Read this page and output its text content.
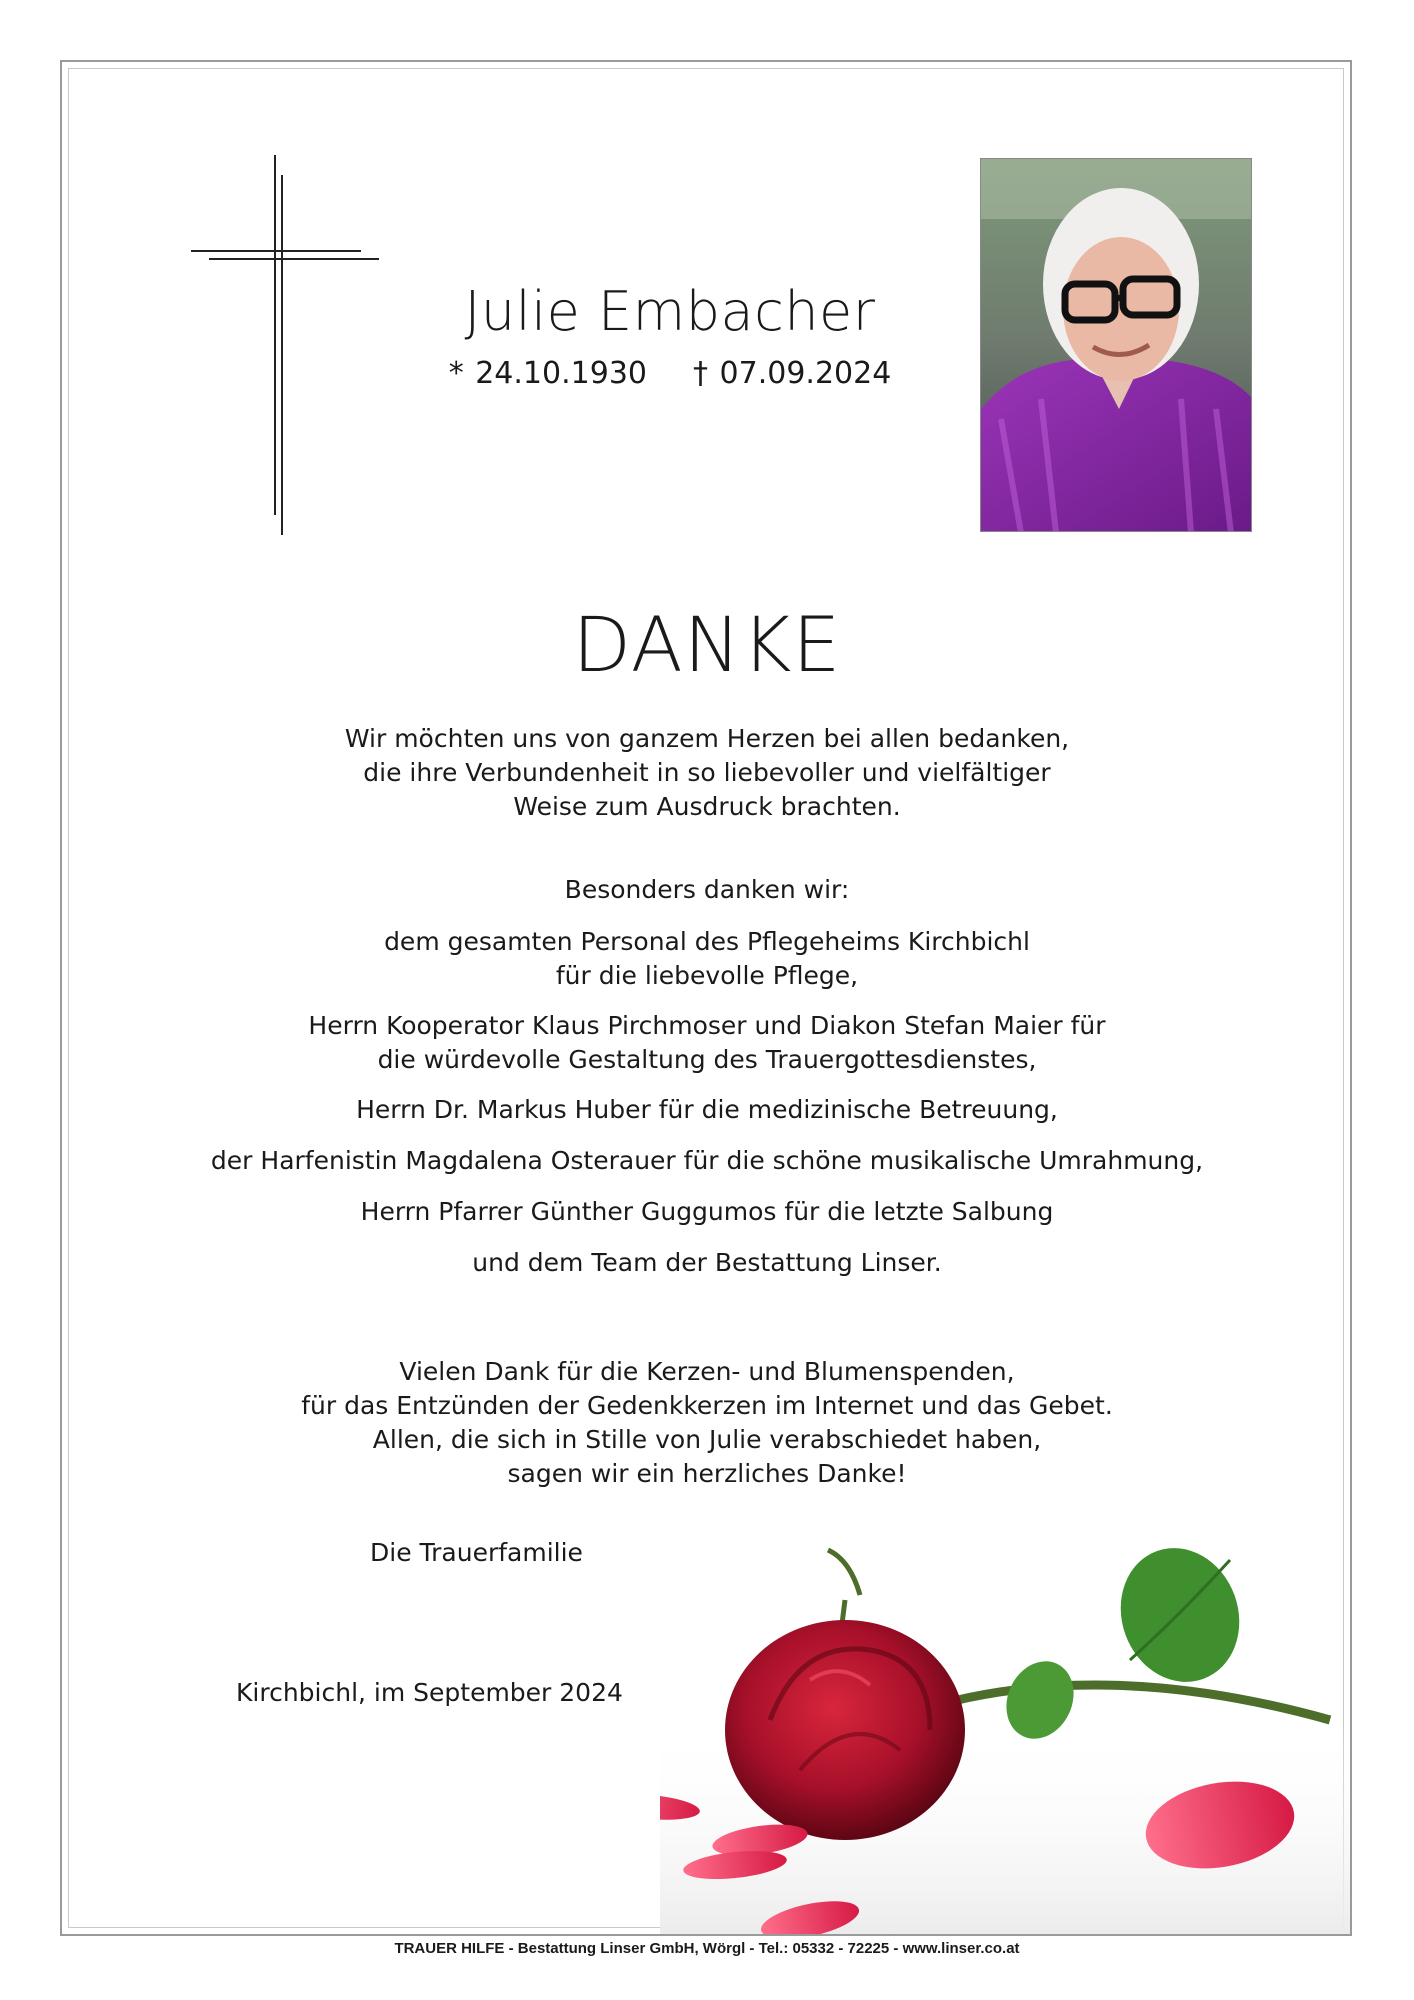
Julie Embacher
* 24.10.1930 † 07.09.2024
DANKE
Wir möchten uns von ganzem Herzen bei allen bedanken,
die ihre Verbundenheit in so liebevoller und vielfältiger
Weise zum Ausdruck brachten.
Besonders danken wir:
dem gesamten Personal des Pflegeheims Kirchbichl
für die liebevolle Pflege,
Herrn Kooperator Klaus Pirchmoser und Diakon Stefan Maier für
die würdevolle Gestaltung des Trauergottesdienstes,
Herrn Dr. Markus Huber für die medizinische Betreuung,
der Harfenistin Magdalena Osterauer für die schöne musikalische Umrahmung,
Herrn Pfarrer Günther Guggumos für die letzte Salbung
und dem Team der Bestattung Linser.
Vielen Dank für die Kerzen- und Blumenspenden,
für das Entzünden der Gedenkkerzen im Internet und das Gebet.
Allen, die sich in Stille von Julie verabschiedet haben,
sagen wir ein herzliches Danke!
Die Trauerfamilie
Kirchbichl, im September 2024
TRAUER HILFE - Bestattung Linser GmbH, Wörgl - Tel.: 05332 - 72225 - www.linser.co.at
